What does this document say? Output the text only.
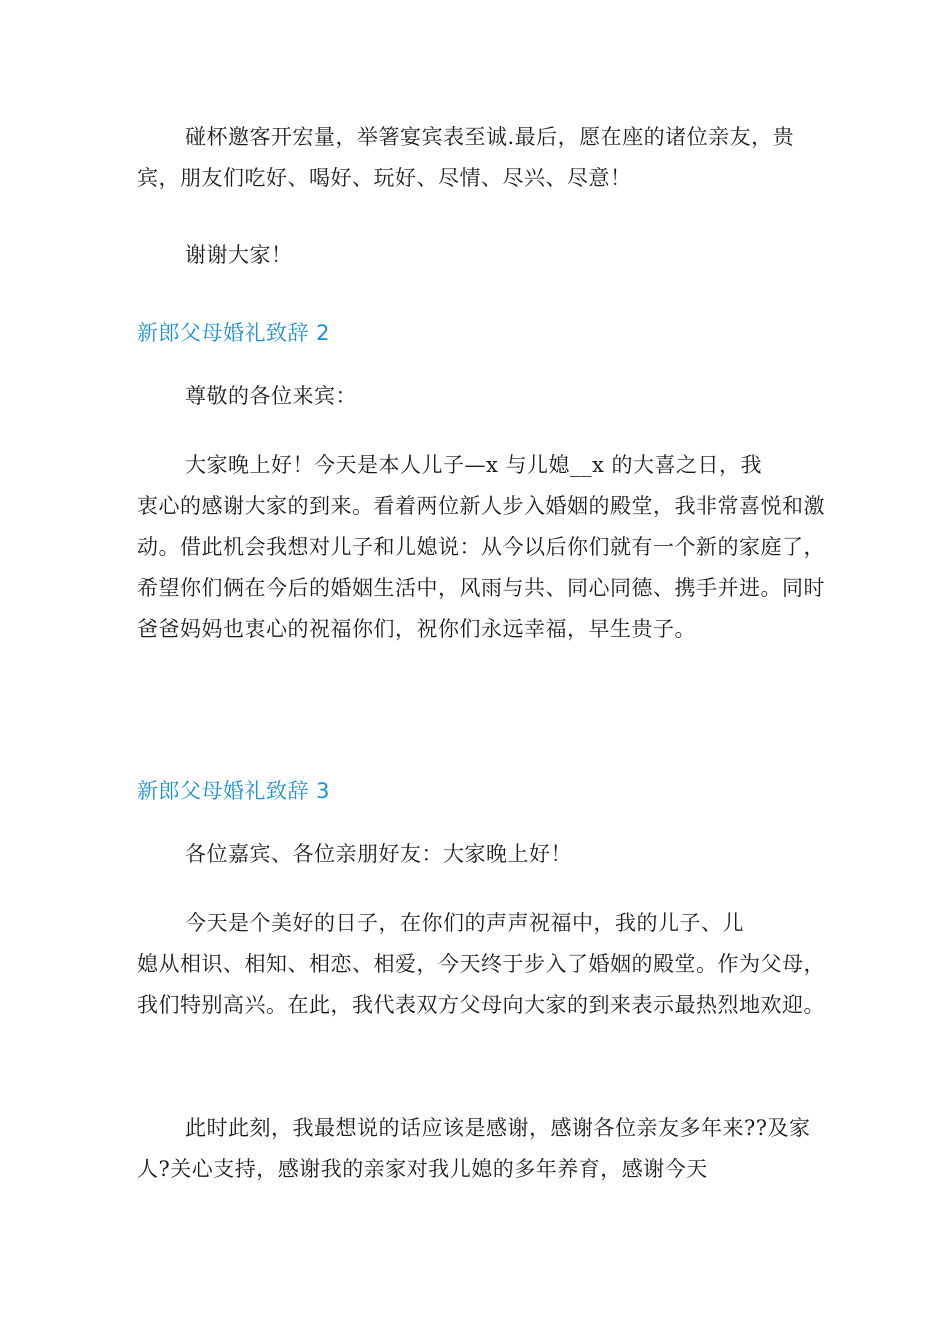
碰杯邀客开宏量，举箸宴宾表至诚.最后，愿在座的诸位亲友，贵宾，朋友们吃好、喝好、玩好、尽情、尽兴、尽意！

谢谢大家！

新郎父母婚礼致辞 2

尊敬的各位来宾：

大家晚上好！今天是本人儿子—x 与儿媳__x 的大喜之日，我

衷心的感谢大家的到来。看着两位新人步入婚姻的殿堂，我非常喜悦和激动。借此机会我想对儿子和儿媳说：从今以后你们就有一个新的家庭了，希望你们俩在今后的婚姻生活中，风雨与共、同心同德、携手并进。同时爸爸妈妈也衷心的祝福你们，祝你们永远幸福，早生贵子。

新郎父母婚礼致辞 3

各位嘉宾、各位亲朋好友：大家晚上好！

今天是个美好的日子，在你们的声声祝福中，我的儿子、儿

媳从相识、相知、相恋、相爱，今天终于步入了婚姻的殿堂。作为父母，我们特别高兴。在此，我代表双方父母向大家的到来表示最热烈地欢迎。

此时此刻，我最想说的话应该是感谢，感谢各位亲友多年来??及家人?关心支持，感谢我的亲家对我儿媳的多年养育，感谢今天
